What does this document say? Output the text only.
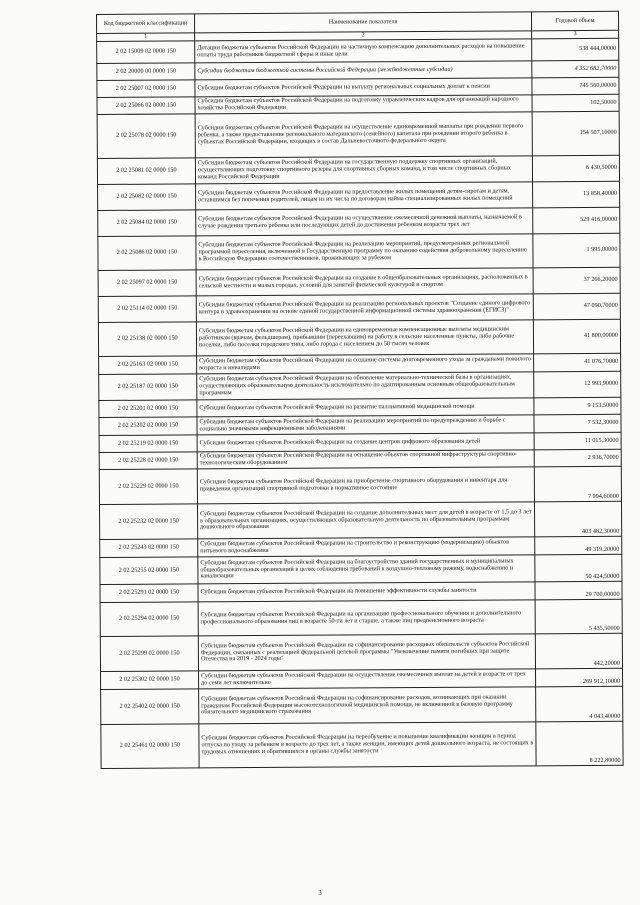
Код бюджетной классификации	Наименование показателя	Годовой объем
1	2	3
2 02 15009 02 0000 150	Дотации бюджетам субъектов Российской Федерации на частичную компенсацию дополнительных расходов на повышение оплаты труда работников бюджетной сферы и иные цели	538 444,00000
2 02 20000 00 0000 150	Субсидии бюджетам бюджетной системы Российской Федерации (межбюджетные субсидии)	4 352 682,70000
2 02 25007 02 0000 150	Субсидии бюджетам субъектов Российской Федерации на выплату региональных социальных доплат к пенсии	745 560,00000
2 02 25066 02 0000 150	Субсидии бюджетам субъектов Российской Федерации на подготовку управленческих кадров для организаций народного хозяйства Российской Федерации	102,50000
2 02 25078 02 0000 150	Субсидии бюджетам субъектов Российской Федерации на осуществление единовременной выплаты при рождении первого ребенка, а также предоставление регионального материнского (семейного) капитала при рождении второго ребенка в субъектах Российской Федерации, входящих в состав Дальневосточного федерального округа	154 507,10000
2 02 25081 02 0000 150	Субсидии бюджетам субъектов Российской Федерации на государственную поддержку спортивных организаций, осуществляющих подготовку спортивного резерва для спортивных сборных команд, в том числе спортивных сборных команд Российской Федерации	6 430,50000
2 02 25082 02 0000 150	Субсидии бюджетам субъектов Российской Федерации на предоставление жилых помещений детям-сиротам и детям, оставшимся без попечения родителей, лицам из их числа по договорам найма специализированных жилых помещений	13 858,40000
2 02 25084 02 0000 150	Субсидии бюджетам субъектов Российской Федерации на осуществление ежемесячной денежной выплаты, назначаемой в случае рождения третьего ребенка или последующих детей до достижения ребенком возраста трех лет	529 416,00000
2 02 25086 02 0000 150	Субсидии бюджетам субъектов Российской Федерации на реализацию мероприятий, предусмотренных региональной программой переселения, включенной в Государственную программу по оказанию содействия добровольному переселению в Российскую Федерацию соотечественников, проживающих за рубежом	1 995,00000
2 02 25097 02 0000 150	Субсидии бюджетам субъектов Российской Федерации на создание в общеобразовательных организациях, расположенных в сельской местности и малых городах, условий для занятий физической культурой и спортом	37 266,20000
2 02 25114 02 0000 150	Субсидии бюджетам субъектов Российской Федерации на реализацию региональных проектов "Создание единого цифрового контура в здравоохранении на основе единой государственной информационной системы здравоохранения (ЕГИСЗ)"	47 090,70000
2 02 25138 02 0000 150	Субсидии бюджетам субъектов Российской Федерации на единовременные компенсационные выплаты медицинским работникам (врачам, фельдшерам), прибывшим (переехавшим) на работу в сельские населенные пункты, либо рабочие поселки, либо поселки городского типа, либо города с населением до 50 тысяч человек	41 800,00000
2 02 25163 02 0000 150	Субсидии бюджетам субъектов Российской Федерации на создание системы долговременного ухода за гражданами пожилого возраста и инвалидами	41 076,70000
2 02 25187 02 0000 150	Субсидии бюджетам субъектов Российской Федерации на обновление материально-технической базы в организациях, осуществляющих образовательную деятельность исключительно по адаптированным основным общеобразовательным программам	12 993,90000
2 02 25201 02 0000 150	Субсидии бюджетам субъектов Российской Федерации на развитие паллиативной медицинской помощи	9 153,50000
2 02 25202 02 0000 150	Субсидии бюджетам субъектов Российской Федерации на реализацию мероприятий по предупреждению и борьбе с социально значимыми инфекционными заболеваниями	7 532,30000
2 02 25219 02 0000 150	Субсидии бюджетам субъектов Российской Федерации на создание центров цифрового образования детей	11 015,30000
2 02 25228 02 0000 150	Субсидии бюджетам субъектов Российской Федерации на оснащение объектов спортивной инфраструктуры спортивно-технологическим оборудованием	2 936,70000
2 02 25229 02 0000 150	Субсидии бюджетам субъектов Российской Федерации на приобретение спортивного оборудования и инвентаря для приведения организаций спортивной подготовки в нормативное состояние	7 994,60000
2 02 25232 02 0000 150	Субсидии бюджетам субъектов Российской Федерации на создание дополнительных мест для детей в возрасте от 1,5 до 3 лет в образовательных организациях, осуществляющих образовательную деятельность по образовательным программам дошкольного образования	403 482,30000
2 02 25243 02 0000 150	Субсидии бюджетам субъектов Российской Федерации на строительство и реконструкцию (модернизацию) объектов питьевого водоснабжения	49 319,20000
2 02 25255 02 0000 150	Субсидии бюджетам субъектов Российской Федерации на благоустройство зданий государственных и муниципальных общеобразовательных организаций в целях соблюдения требований к воздушно-тепловому режиму, водоснабжению и канализации	50 424,50000
2 02 25291 02 0000 150	Субсидии бюджетам субъектов Российской Федерации на повышение эффективности службы занятости	29 700,00000
2 02 25294 02 0000 150	Субсидии бюджетам субъектов Российской Федерации на организацию профессионального обучения и дополнительного профессионального образования лиц в возрасте 50-ти лет и старше, а также лиц предпенсионного возраста	5 435,50000
2 02 25299 02 0000 150	Субсидии бюджетам субъектов Российской Федерации на софинансирование расходных обязательств субъектов Российской Федерации, связанных с реализацией федеральной целевой программы "Увековечение памяти погибших при защите Отечества на 2019 - 2024 годы"	442,20000
2 02 25302 02 0000 150	Субсидии бюджетам субъектов Российской Федерации на осуществление ежемесячных выплат на детей в возрасте от трех до семи лет включительно	269 912,10000
2 02 25402 02 0000 150	Субсидии бюджетам субъектов Российской Федерации на софинансирование расходов, возникающих при оказании гражданам Российской Федерации высокотехнологичной медицинской помощи, не включенной в базовую программу обязательного медицинского страхования	4 043,40000
2 02 25461 02 0000 150	Субсидии бюджетам субъектов Российской Федерации на переобучение и повышение квалификации женщин в период отпуска по уходу за ребенком в возрасте до трех лет, а также женщин, имеющих детей дошкольного возраста, не состоящих в трудовых отношениях и обратившихся в органы службы занятости	8 222,80000
3
